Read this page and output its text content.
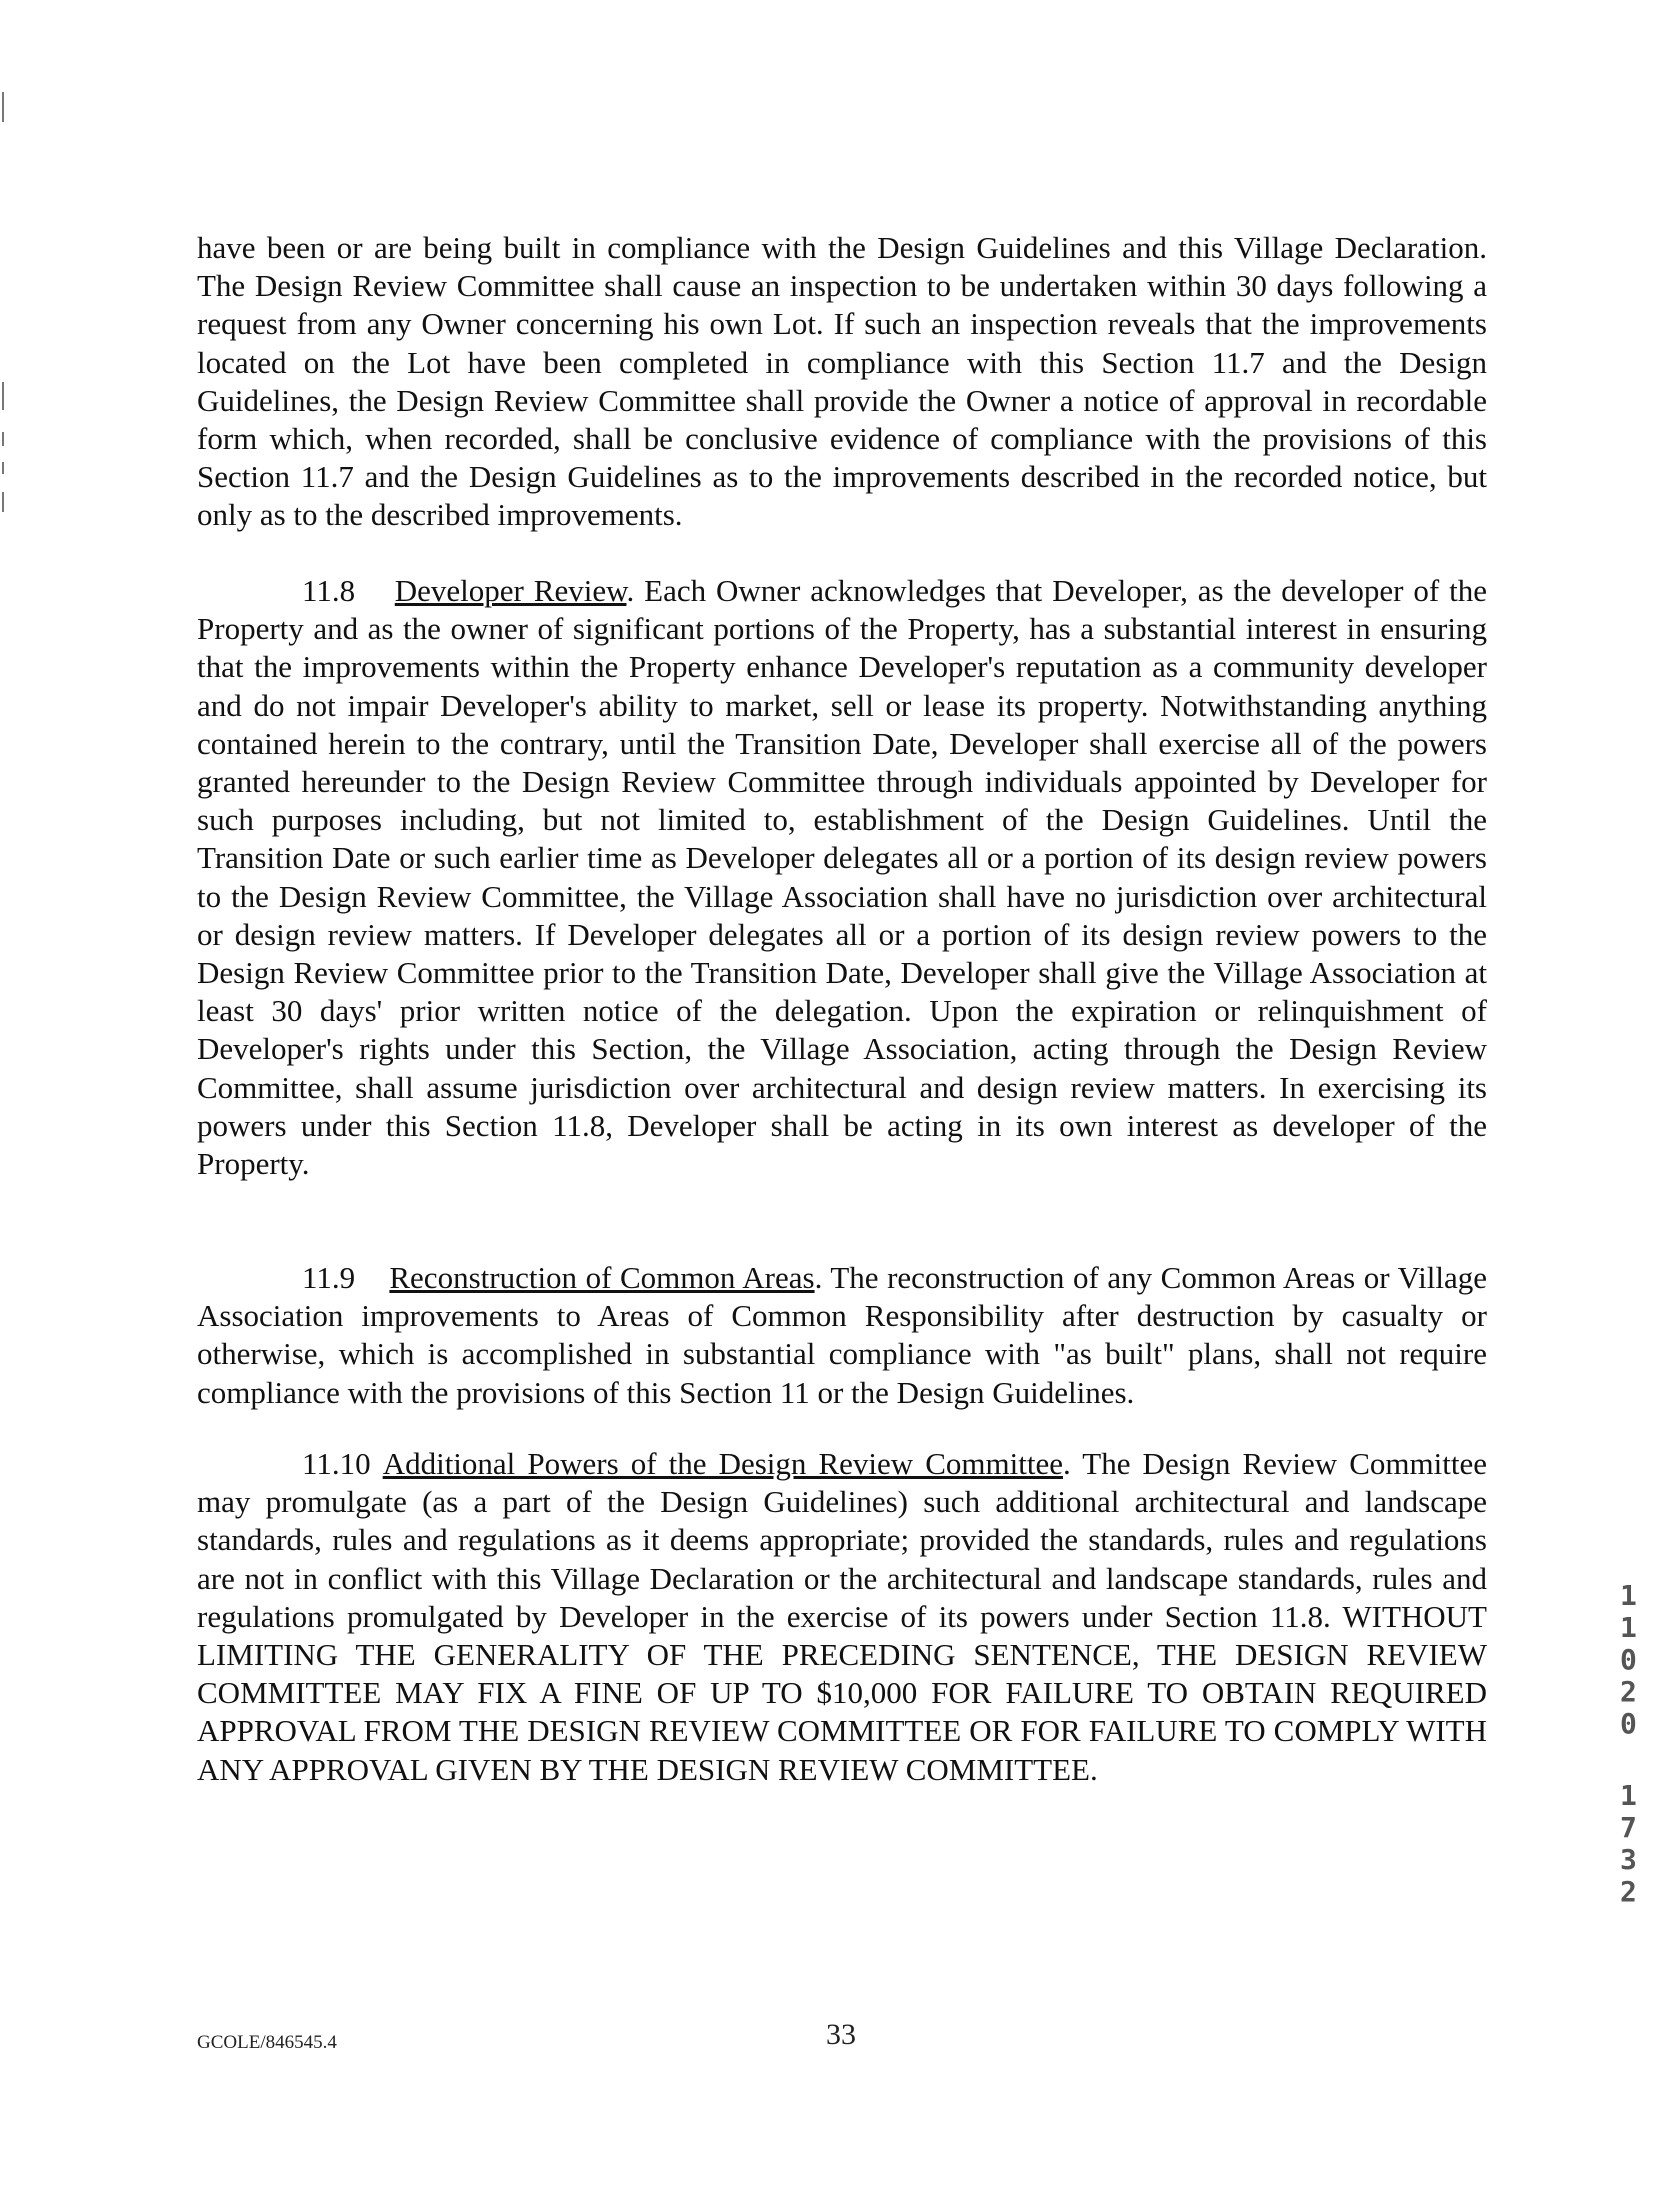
have been or are being built in compliance with the Design Guidelines and this Village Declaration. The Design Review Committee shall cause an inspection to be undertaken within 30 days following a request from any Owner concerning his own Lot. If such an inspection reveals that the improvements located on the Lot have been completed in compliance with this Section 11.7 and the Design Guidelines, the Design Review Committee shall provide the Owner a notice of approval in recordable form which, when recorded, shall be conclusive evidence of compliance with the provisions of this Section 11.7 and the Design Guidelines as to the improvements described in the recorded notice, but only as to the described improvements.

11.8 Developer Review. Each Owner acknowledges that Developer, as the developer of the Property and as the owner of significant portions of the Property, has a substantial interest in ensuring that the improvements within the Property enhance Developer's reputation as a community developer and do not impair Developer's ability to market, sell or lease its property. Notwithstanding anything contained herein to the contrary, until the Transition Date, Developer shall exercise all of the powers granted hereunder to the Design Review Committee through individuals appointed by Developer for such purposes including, but not limited to, establishment of the Design Guidelines. Until the Transition Date or such earlier time as Developer delegates all or a portion of its design review powers to the Design Review Committee, the Village Association shall have no jurisdiction over architectural or design review matters. If Developer delegates all or a portion of its design review powers to the Design Review Committee prior to the Transition Date, Developer shall give the Village Association at least 30 days' prior written notice of the delegation. Upon the expiration or relinquishment of Developer's rights under this Section, the Village Association, acting through the Design Review Committee, shall assume jurisdiction over architectural and design review matters. In exercising its powers under this Section 11.8, Developer shall be acting in its own interest as developer of the Property.

11.9 Reconstruction of Common Areas. The reconstruction of any Common Areas or Village Association improvements to Areas of Common Responsibility after destruction by casualty or otherwise, which is accomplished in substantial compliance with "as built" plans, shall not require compliance with the provisions of this Section 11 or the Design Guidelines.

11.10 Additional Powers of the Design Review Committee. The Design Review Committee may promulgate (as a part of the Design Guidelines) such additional architectural and landscape standards, rules and regulations as it deems appropriate; provided the standards, rules and regulations are not in conflict with this Village Declaration or the architectural and landscape standards, rules and regulations promulgated by Developer in the exercise of its powers under Section 11.8. WITHOUT LIMITING THE GENERALITY OF THE PRECEDING SENTENCE, THE DESIGN REVIEW COMMITTEE MAY FIX A FINE OF UP TO $10,000 FOR FAILURE TO OBTAIN REQUIRED APPROVAL FROM THE DESIGN REVIEW COMMITTEE OR FOR FAILURE TO COMPLY WITH ANY APPROVAL GIVEN BY THE DESIGN REVIEW COMMITTEE.

1
1
0
2
0
1
7
3
2
GCOLE/846545.4	33
